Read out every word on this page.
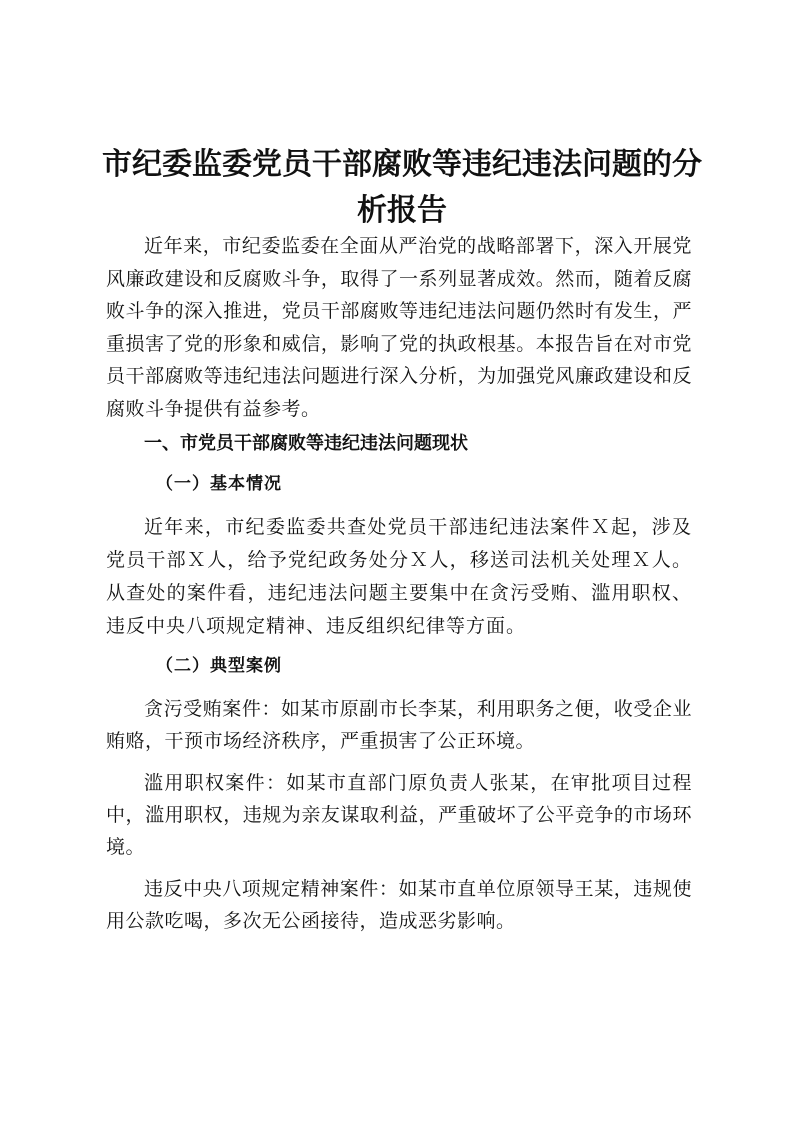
市纪委监委党员干部腐败等违纪违法问题的分析报告

近年来，市纪委监委在全面从严治党的战略部署下，深入开展党风廉政建设和反腐败斗争，取得了一系列显著成效。然而，随着反腐败斗争的深入推进，党员干部腐败等违纪违法问题仍然时有发生，严重损害了党的形象和威信，影响了党的执政根基。本报告旨在对市党员干部腐败等违纪违法问题进行深入分析，为加强党风廉政建设和反腐败斗争提供有益参考。

一、市党员干部腐败等违纪违法问题现状

（一）基本情况

近年来，市纪委监委共查处党员干部违纪违法案件Ｘ起，涉及党员干部Ｘ人，给予党纪政务处分Ｘ人，移送司法机关处理Ｘ人。从查处的案件看，违纪违法问题主要集中在贪污受贿、滥用职权、违反中央八项规定精神、违反组织纪律等方面。

（二）典型案例

贪污受贿案件：如某市原副市长李某，利用职务之便，收受企业贿赂，干预市场经济秩序，严重损害了公正环境。

滥用职权案件：如某市直部门原负责人张某，在审批项目过程中，滥用职权，违规为亲友谋取利益，严重破坏了公平竞争的市场环境。

违反中央八项规定精神案件：如某市直单位原领导王某，违规使用公款吃喝，多次无公函接待，造成恶劣影响。
